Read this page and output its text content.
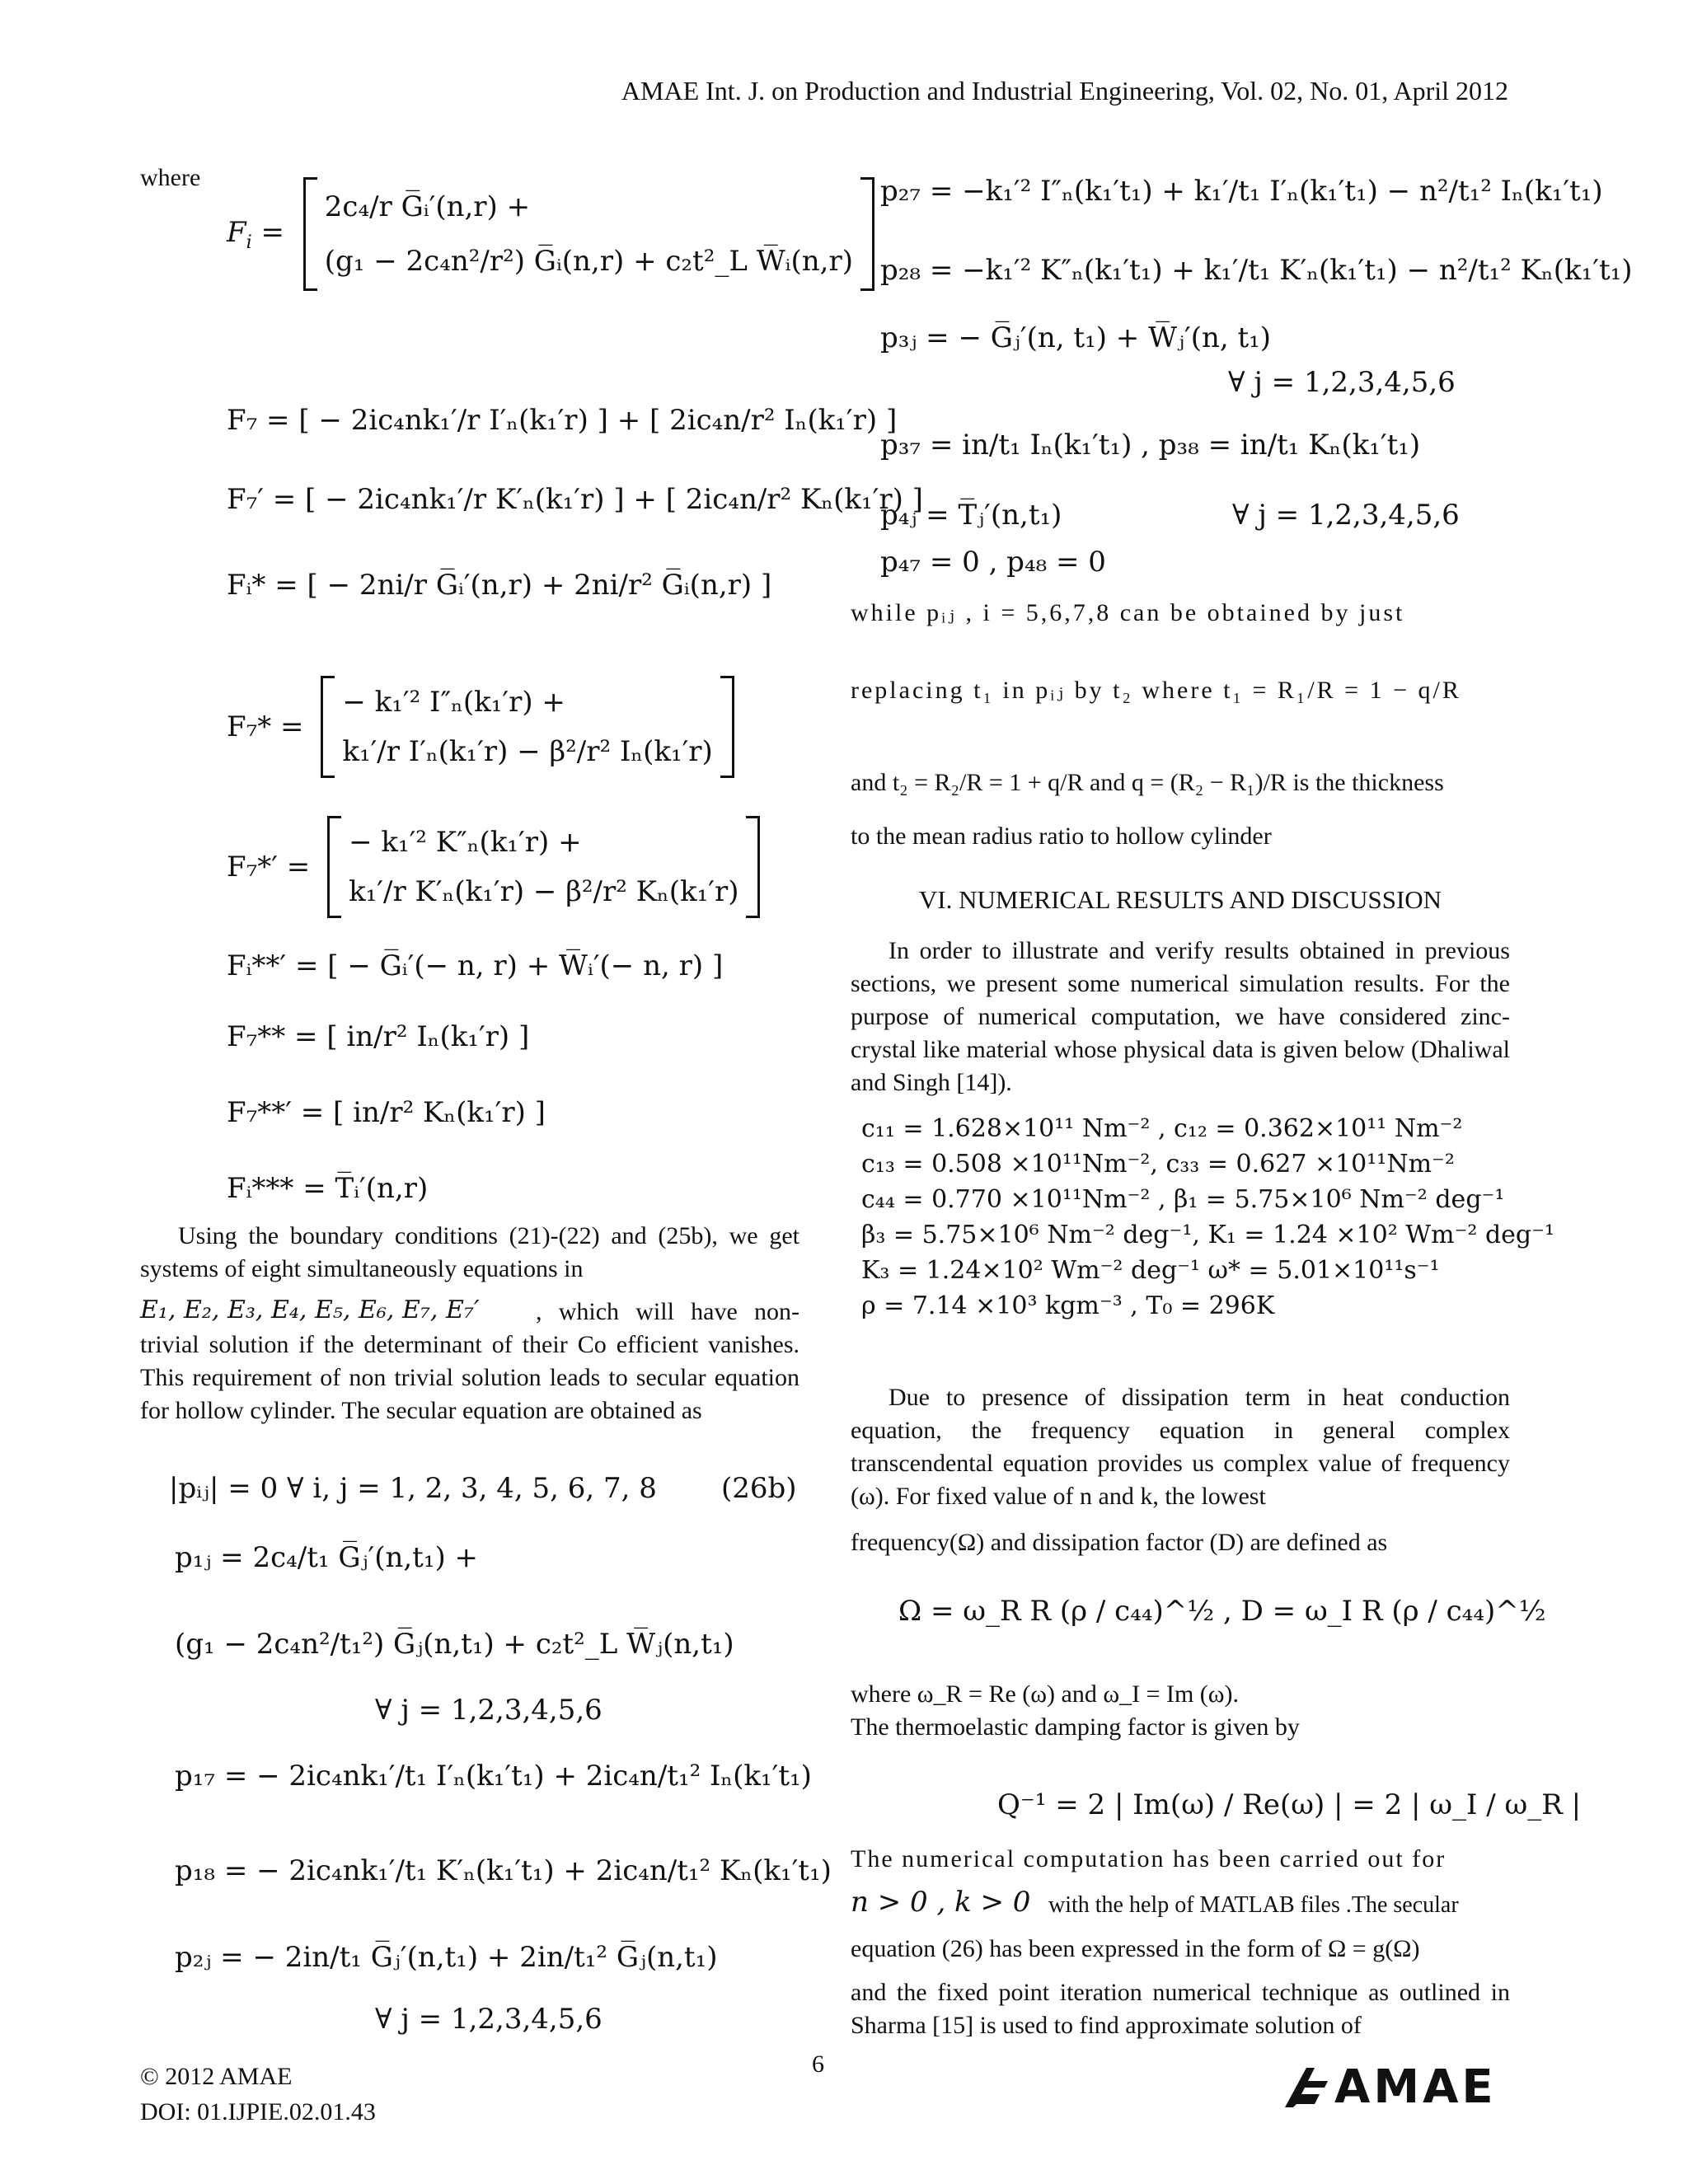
AMAE Int. J. on Production and Industrial Engineering, Vol. 02, No. 01, April 2012
where
$F_i$ =
2c₄/r G̅ᵢ′(n,r) +
(g₁ − 2c₄n²/r²) G̅ᵢ(n,r) + c₂t²_L W̅ᵢ(n,r)
F₇ = [ − 2ic₄nk₁′/r I′ₙ(k₁′r) ] + [ 2ic₄n/r² Iₙ(k₁′r) ]
F₇′ = [ − 2ic₄nk₁′/r K′ₙ(k₁′r) ] + [ 2ic₄n/r² Kₙ(k₁′r) ]
Fᵢ* = [ − 2ni/r G̅ᵢ′(n,r) + 2ni/r² G̅ᵢ(n,r) ]
F₇* =
− k₁′² I″ₙ(k₁′r) +
k₁′/r I′ₙ(k₁′r) − β²/r² Iₙ(k₁′r)
F₇*′ =
− k₁′² K″ₙ(k₁′r) +
k₁′/r K′ₙ(k₁′r) − β²/r² Kₙ(k₁′r)
Fᵢ**′ = [ − G̅ᵢ′(− n, r) + W̅ᵢ′(− n, r) ]
F₇** = [ in/r² Iₙ(k₁′r) ]
F₇**′ = [ in/r² Kₙ(k₁′r) ]
Fᵢ*** = T̅ᵢ′(n,r)
Using the boundary conditions (21)-(22) and (25b), we get systems of eight simultaneously equations in
E₁, E₂, E₃, E₄, E₅, E₆, E₇, E₇′	, which will have non-trivial solution if the determinant of their Co efficient vanishes. This requirement of non trivial solution leads to secular equation for hollow cylinder. The secular equation are obtained as
|pᵢⱼ| = 0 ∀ i, j = 1, 2, 3, 4, 5, 6, 7, 8 (26b)
p₁ⱼ = 2c₄/t₁ G̅ⱼ′(n,t₁) +
(g₁ − 2c₄n²/t₁²) G̅ⱼ(n,t₁) + c₂t²_L W̅ⱼ(n,t₁)
∀ j = 1,2,3,4,5,6
p₁₇ = − 2ic₄nk₁′/t₁ I′ₙ(k₁′t₁) + 2ic₄n/t₁² Iₙ(k₁′t₁)
p₁₈ = − 2ic₄nk₁′/t₁ K′ₙ(k₁′t₁) + 2ic₄n/t₁² Kₙ(k₁′t₁)
p₂ⱼ = − 2in/t₁ G̅ⱼ′(n,t₁) + 2in/t₁² G̅ⱼ(n,t₁)
∀ j = 1,2,3,4,5,6
p₂₇ = −k₁′² I″ₙ(k₁′t₁) + k₁′/t₁ I′ₙ(k₁′t₁) − n²/t₁² Iₙ(k₁′t₁)
p₂₈ = −k₁′² K″ₙ(k₁′t₁) + k₁′/t₁ K′ₙ(k₁′t₁) − n²/t₁² Kₙ(k₁′t₁)
p₃ⱼ = − G̅ⱼ′(n, t₁) + W̅ⱼ′(n, t₁)
∀ j = 1,2,3,4,5,6
p₃₇ = in/t₁ Iₙ(k₁′t₁) , p₃₈ = in/t₁ Kₙ(k₁′t₁)
p₄ⱼ = T̅ⱼ′(n,t₁)	∀ j = 1,2,3,4,5,6
p₄₇ = 0 , p₄₈ = 0
while pᵢⱼ , i = 5,6,7,8 can be obtained by just
replacing t₁ in pᵢⱼ by t₂ where t₁ = R₁/R = 1 − q/R
and t₂ = R₂/R = 1 + q/R and q = (R₂ − R₁)/R is the thickness
to the mean radius ratio to hollow cylinder
VI. NUMERICAL RESULTS AND DISCUSSION
In order to illustrate and verify results obtained in previous sections, we present some numerical simulation results. For the purpose of numerical computation, we have considered zinc-crystal like material whose physical data is given below (Dhaliwal and Singh [14]).
c₁₁ = 1.628×10¹¹ Nm⁻² , c₁₂ = 0.362×10¹¹ Nm⁻²
c₁₃ = 0.508 ×10¹¹Nm⁻², c₃₃ = 0.627 ×10¹¹Nm⁻²
c₄₄ = 0.770 ×10¹¹Nm⁻² , β₁ = 5.75×10⁶ Nm⁻² deg⁻¹
β₃ = 5.75×10⁶ Nm⁻² deg⁻¹, K₁ = 1.24 ×10² Wm⁻² deg⁻¹
K₃ = 1.24×10² Wm⁻² deg⁻¹ ω* = 5.01×10¹¹s⁻¹
ρ = 7.14 ×10³ kgm⁻³ , T₀ = 296K
Due to presence of dissipation term in heat conduction equation, the frequency equation in general complex transcendental equation provides us complex value of frequency (ω). For fixed value of n and k, the lowest
frequency(Ω) and dissipation factor (D) are defined as
Ω = ω_R R (ρ / c₄₄)^½ , D = ω_I R (ρ / c₄₄)^½
where ω_R = Re (ω) and ω_I = Im (ω).
The thermoelastic damping factor is given by
Q⁻¹ = 2 | Im(ω) / Re(ω) | = 2 | ω_I / ω_R |
The numerical computation has been carried out for
n > 0 , k > 0 with the help of MATLAB files .The secular
equation (26) has been expressed in the form of Ω = g(Ω)
and the fixed point iteration numerical technique as outlined in Sharma [15] is used to find approximate solution of
© 2012 AMAE
DOI: 01.IJPIE.02.01.43
6	AMAE
